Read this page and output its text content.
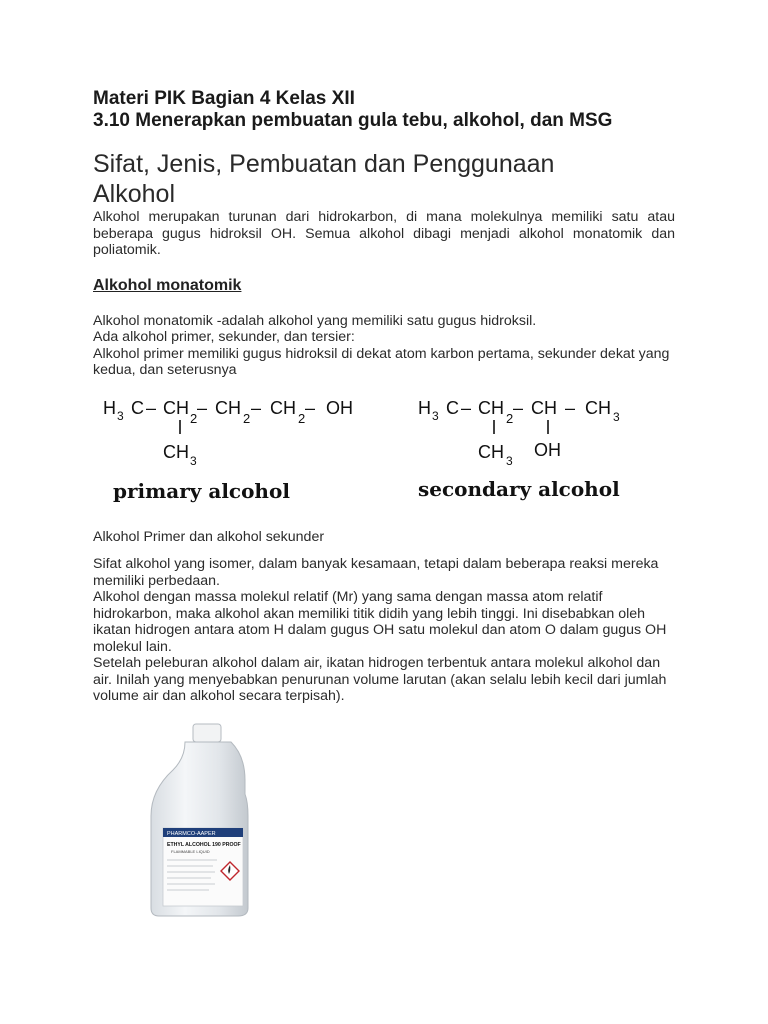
Materi PIK Bagian 4 Kelas XII

3.10 Menerapkan pembuatan gula tebu, alkohol, dan MSG

Sifat, Jenis, Pembuatan dan Penggunaan
Alkohol

Alkohol merupakan turunan dari hidrokarbon, di mana molekulnya memiliki satu atau beberapa gugus hidroksil OH. Semua alkohol dibagi menjadi alkohol monatomik dan poliatomik.

Alkohol monatomik

Alkohol monatomik -adalah alkohol yang memiliki satu gugus hidroksil.

Ada alkohol primer, sekunder, dan tersier:

Alkohol primer memiliki gugus hidroksil di dekat atom karbon pertama, sekunder dekat yang kedua, dan seterusnya

H 3 C – CH
2
– CH
2
– CH
2
– OH
CH 3
primary alcohol
H 3 C – CH
2
– CH – CH 3
CH 3
OH
secondary alcohol

Alkohol Primer dan alkohol sekunder

Sifat alkohol yang isomer, dalam banyak kesamaan, tetapi dalam beberapa reaksi mereka memiliki perbedaan.

Alkohol dengan massa molekul relatif (Mr) yang sama dengan massa atom relatif hidrokarbon, maka alkohol akan memiliki titik didih yang lebih tinggi. Ini disebabkan oleh ikatan hidrogen antara atom H dalam gugus OH satu molekul dan atom O dalam gugus OH molekul lain.

Setelah peleburan alkohol dalam air, ikatan hidrogen terbentuk antara molekul alkohol dan air. Inilah yang menyebabkan penurunan volume larutan (akan selalu lebih kecil dari jumlah volume air dan alkohol secara terpisah).

PHARMCO-AAPER
ETHYL ALCOHOL 190 PROOF
FLAMMABLE LIQUID
